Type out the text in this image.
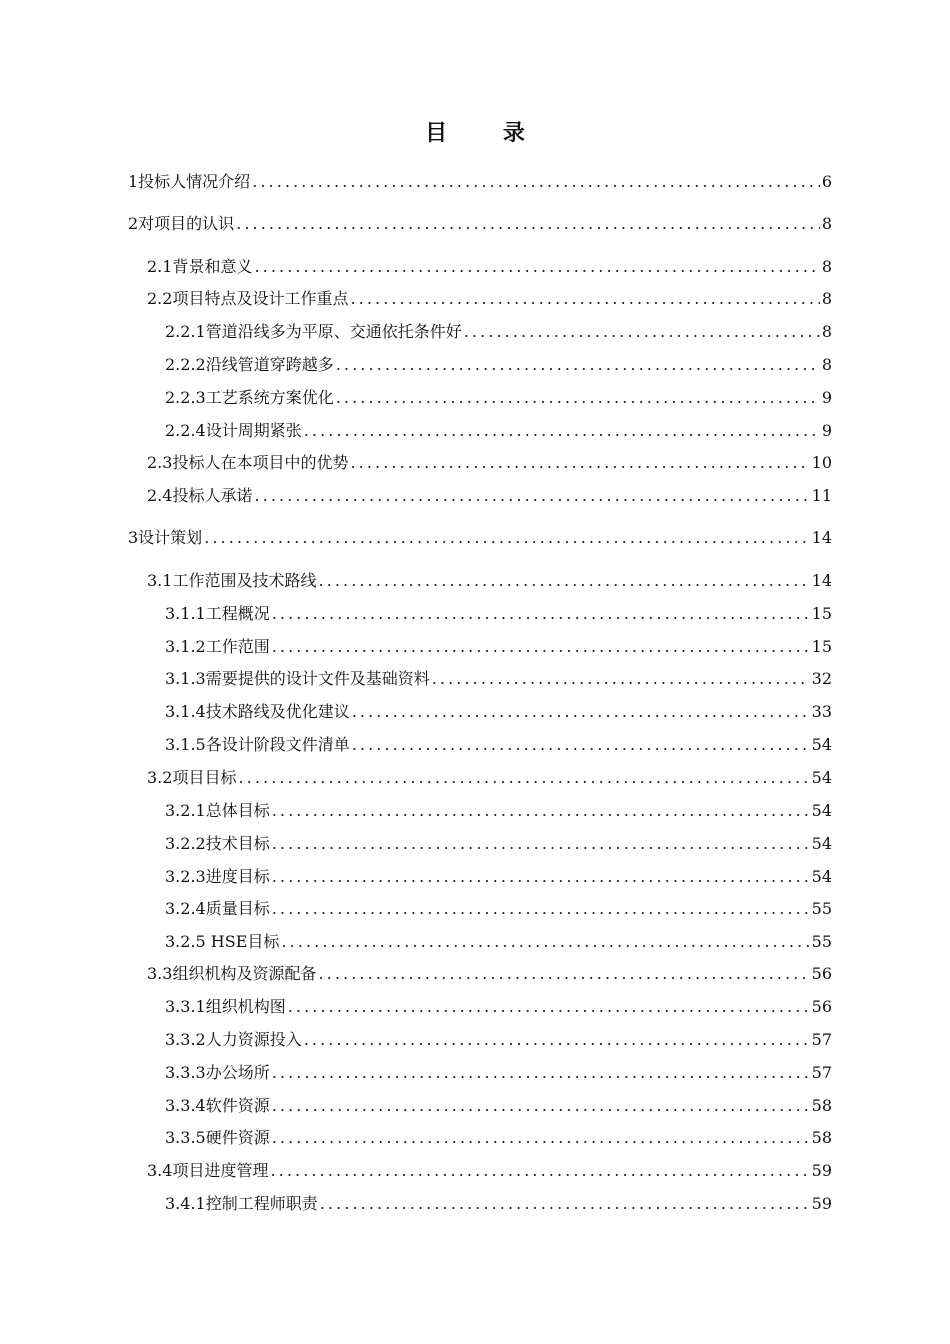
目 录
1投标人情况介绍 .....	6
2对项目的认识 .....	8
2.1背景和意义 .....	8
2.2项目特点及设计工作重点 .....	8
2.2.1管道沿线多为平原、交通依托条件好 .....	8
2.2.2沿线管道穿跨越多 .....	8
2.2.3工艺系统方案优化 .....	9
2.2.4设计周期紧张 .....	9
2.3投标人在本项目中的优势 .....	10
2.4投标人承诺 .....	11
3设计策划 .....	14
3.1工作范围及技术路线 .....	14
3.1.1工程概况 .....	15
3.1.2工作范围 .....	15
3.1.3需要提供的设计文件及基础资料 .....	32
3.1.4技术路线及优化建议 .....	33
3.1.5各设计阶段文件清单 .....	54
3.2项目目标 .....	54
3.2.1总体目标 .....	54
3.2.2技术目标 .....	54
3.2.3进度目标 .....	54
3.2.4质量目标 .....	55
3.2.5 HSE目标 .....	55
3.3组织机构及资源配备 .....	56
3.3.1组织机构图 .....	56
3.3.2人力资源投入 .....	57
3.3.3办公场所 .....	57
3.3.4软件资源 .....	58
3.3.5硬件资源 .....	58
3.4项目进度管理 .....	59
3.4.1控制工程师职责 .....	59
